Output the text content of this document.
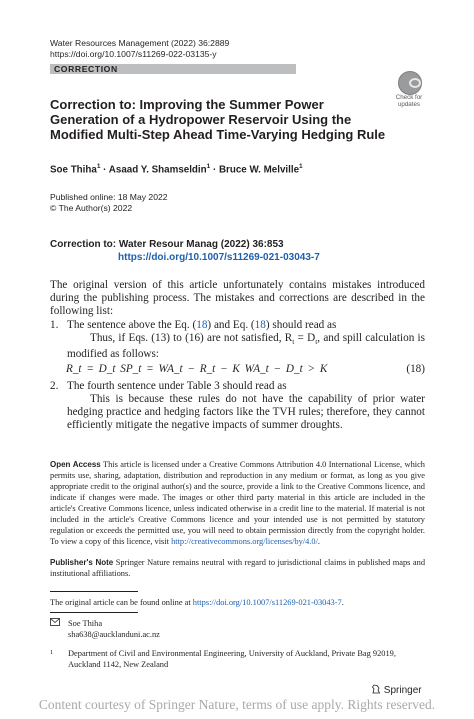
Water Resources Management (2022) 36:2889
https://doi.org/10.1007/s11269-022-03135-y
CORRECTION
Check for
updates
Correction to: Improving the Summer Power Generation of a Hydropower Reservoir Using the Modified Multi-Step Ahead Time-Varying Hedging Rule
Soe Thiha$^1$ · Asaad Y. Shamseldin$^1$ · Bruce W. Melville$^1$
Published online: 18 May 2022
© The Author(s) 2022
Correction to: Water Resour Manag (2022) 36:853
https://doi.org/10.1007/s11269-021-03043-7
The original version of this article unfortunately contains mistakes introduced during the publishing process. The mistakes and corrections are described in the following list:
1. The sentence above the Eq. (18) and Eq. (18) should read as
Thus, if Eqs. (13) to (16) are not satisfied, $R_t = D_t$, and spill calculation is modified as follows:
R_t = D_t SP_t = WA_t − R_t − K WA_t − D_t > K	(18)
2. The fourth sentence under Table 3 should read as
This is because these rules do not have the capability of prior water hedging practice and hedging factors like the TVH rules; therefore, they cannot efficiently mitigate the negative impacts of summer droughts.
Open Access This article is licensed under a Creative Commons Attribution 4.0 International License, which permits use, sharing, adaptation, distribution and reproduction in any medium or format, as long as you give appropriate credit to the original author(s) and the source, provide a link to the Creative Commons licence, and indicate if changes were made. The images or other third party material in this article are included in the article's Creative Commons licence, unless indicated otherwise in a credit line to the material. If material is not included in the article's Creative Commons licence and your intended use is not permitted by statutory regulation or exceeds the permitted use, you will need to obtain permission directly from the copyright holder. To view a copy of this licence, visit http://creativecommons.org/licenses/by/4.0/.
Publisher's Note Springer Nature remains neutral with regard to jurisdictional claims in published maps and institutional affiliations.
The original article can be found online at https://doi.org/10.1007/s11269-021-03043-7.
Soe Thiha
sha638@aucklanduni.ac.nz
1 Department of Civil and Environmental Engineering, University of Auckland, Private Bag 92019, Auckland 1142, New Zealand
Springer
Content courtesy of Springer Nature, terms of use apply. Rights reserved.
